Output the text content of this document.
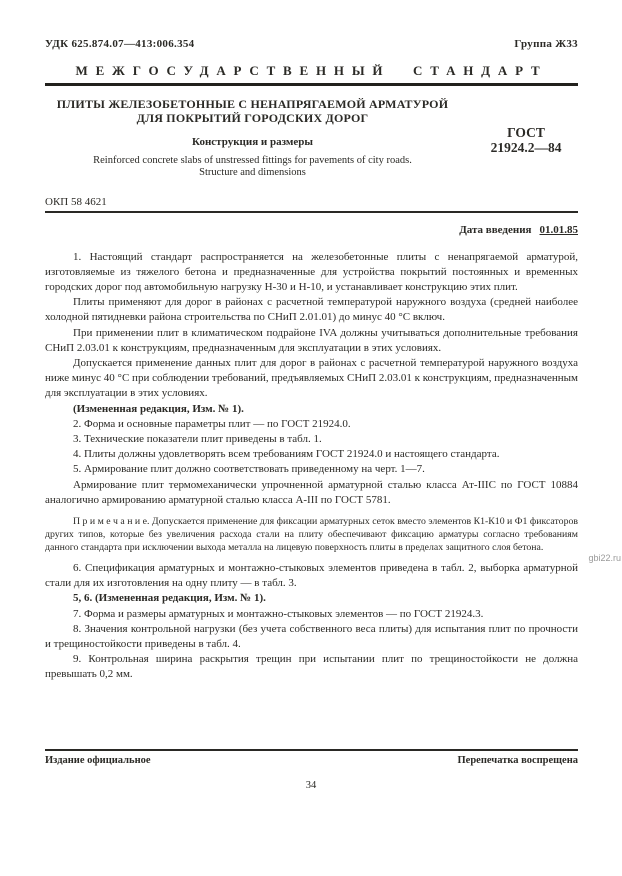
УДК 625.874.07—413:006.354	Группа Ж33
МЕЖГОСУДАРСТВЕННЫЙ СТАНДАРТ
ПЛИТЫ ЖЕЛЕЗОБЕТОННЫЕ С НЕНАПРЯГАЕМОЙ АРМАТУРОЙ
ДЛЯ ПОКРЫТИЙ ГОРОДСКИХ ДОРОГ
Конструкция и размеры
Reinforced concrete slabs of unstressed fittings for pavements of city roads.
Structure and dimensions
ГОСТ
21924.2—84
ОКП 58 4621
Дата введения 01.01.85

1. Настоящий стандарт распространяется на железобетонные плиты с ненапрягаемой арматурой, изготовляемые из тяжелого бетона и предназначенные для устройства покрытий постоянных и временных городских дорог под автомобильную нагрузку Н-30 и Н-10, и устанавливает конструкцию этих плит.

Плиты применяют для дорог в районах с расчетной температурой наружного воздуха (средней наиболее холодной пятидневки района строительства по СНиП 2.01.01) до минус 40 °С включ.

При применении плит в климатическом подрайоне IVA должны учитываться дополнительные требования СНиП 2.03.01 к конструкциям, предназначенным для эксплуатации в этих условиях.

Допускается применение данных плит для дорог в районах с расчетной температурой наружного воздуха ниже минус 40 °С при соблюдении требований, предъявляемых СНиП 2.03.01 к конструкциям, предназначенным для эксплуатации в этих условиях.

(Измененная редакция, Изм. № 1).

2. Форма и основные параметры плит — по ГОСТ 21924.0.

3. Технические показатели плит приведены в табл. 1.

4. Плиты должны удовлетворять всем требованиям ГОСТ 21924.0 и настоящего стандарта.

5. Армирование плит должно соответствовать приведенному на черт. 1—7.

Армирование плит термомеханически упрочненной арматурной сталью класса Ат-IIIC по ГОСТ 10884 аналогично армированию арматурной сталью класса А-III по ГОСТ 5781.

П р и м е ч а н и е. Допускается применение для фиксации арматурных сеток вместо элементов К1-К10 и Ф1 фиксаторов других типов, которые без увеличения расхода стали на плиту обеспечивают фиксацию арматуры согласно требованиям данного стандарта при исключении выхода металла на лицевую поверхность плиты в пределах защитного слоя бетона.

6. Спецификация арматурных и монтажно-стыковых элементов приведена в табл. 2, выборка арматурной стали для их изготовления на одну плиту — в табл. 3.

5, 6. (Измененная редакция, Изм. № 1).

7. Форма и размеры арматурных и монтажно-стыковых элементов — по ГОСТ 21924.3.

8. Значения контрольной нагрузки (без учета собственного веса плиты) для испытания плит по прочности и трещиностойкости приведены в табл. 4.

9. Контрольная ширина раскрытия трещин при испытании плит по трещиностойкости не должна превышать 0,2 мм.

Издание официальное	Перепечатка воспрещена
34
gbi22.ru
